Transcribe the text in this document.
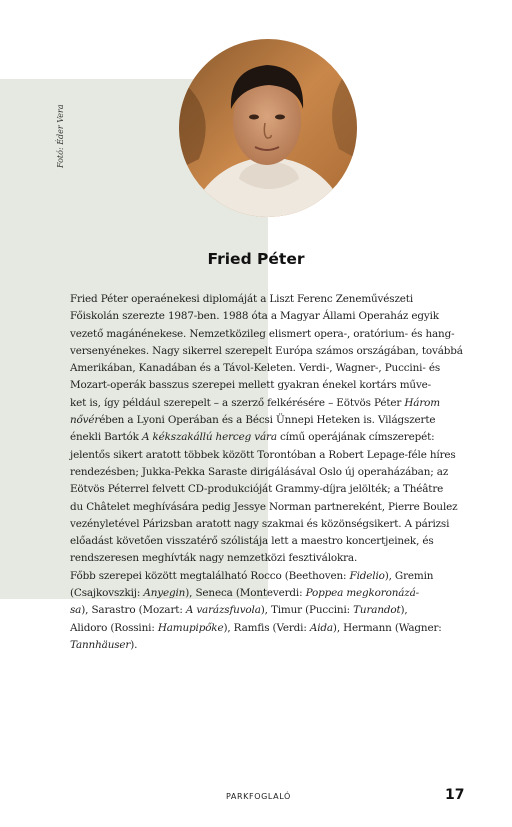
Fotó: Éder Vera
Fried Péter

Fried Péter operaénekesi diplomáját a Liszt Ferenc Zeneművészeti
Főiskolán szerezte 1987-ben. 1988 óta a Magyar Állami Operaház egyik
vezető magánénekese. Nemzetközileg elismert opera-, oratórium- és hang-
versenyénekes. Nagy sikerrel szerepelt Európa számos országában, továbbá
Amerikában, Kanadában és a Távol-Keleten. Verdi-, Wagner-, Puccini- és
Mozart-operák basszus szerepei mellett gyakran énekel kortárs műve-
ket is, így például szerepelt – a szerző felkérésére – Eötvös Péter Három
nővérében a Lyoni Operában és a Bécsi Ünnepi Heteken is. Világszerte
énekli Bartók A kékszakállú herceg vára című operájának címszerepét:
jelentős sikert aratott többek között Torontóban a Robert Lepage-féle híres
rendezésben; Jukka-Pekka Saraste dirigálásával Oslo új operaházában; az
Eötvös Péterrel felvett CD-produkcióját Grammy-díjra jelölték; a Théâtre
du Châtelet meghívására pedig Jessye Norman partnereként, Pierre Boulez
vezényletével Párizsban aratott nagy szakmai és közönségsikert. A párizsi
előadást követően visszatérő szólistája lett a maestro koncertjeinek, és
rendszeresen meghívták nagy nemzetközi fesztiválokra.
Főbb szerepei között megtalálható Rocco (Beethoven: Fidelio), Gremin
(Csajkovszkij: Anyegin), Seneca (Monteverdi: Poppea megkoronázá-
sa), Sarastro (Mozart: A varázsfuvola), Timur (Puccini: Turandot),
Alidoro (Rossini: Hamupipőke), Ramfis (Verdi: Aida), Hermann (Wagner:
Tannhäuser).

PARKFOGLALÓ	17
